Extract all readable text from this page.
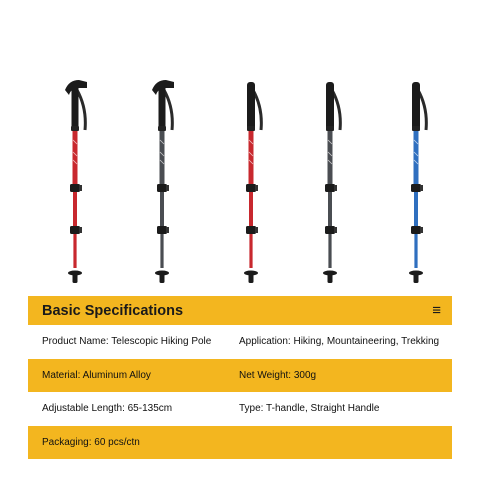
Basic Specifications	≡
Product Name: Telescopic Hiking Pole	Application: Hiking, Mountaineering, Trekking
Material: Aluminum Alloy	Net Weight: 300g
Adjustable Length: 65-135cm	Type: T-handle, Straight Handle
Packaging: 60 pcs/ctn
